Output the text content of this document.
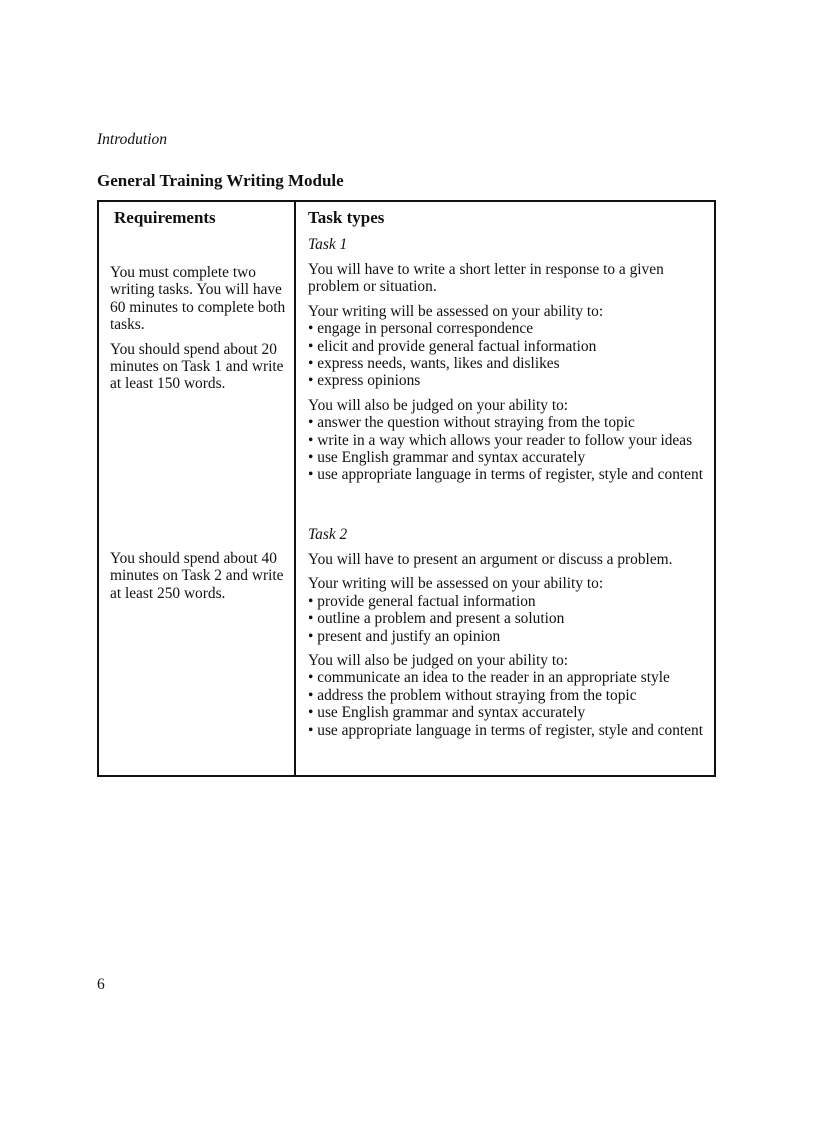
Introdution
General Training Writing Module
Requirements	Task types
Task 1

You must complete two writing tasks. You will have 60 minutes to complete both tasks.

You should spend about 20 minutes on Task 1 and write at least 150 words.

You will have to write a short letter in response to a given problem or situation.

Your writing will be assessed on your ability to:

• engage in personal correspondence
• elicit and provide general factual information
• express needs, wants, likes and dislikes
• express opinions

You will also be judged on your ability to:

• answer the question without straying from the topic
• write in a way which allows your reader to follow your ideas
• use English grammar and syntax accurately
• use appropriate language in terms of register, style and content
Task 2

You should spend about 40 minutes on Task 2 and write at least 250 words.

You will have to present an argument or discuss a problem.

Your writing will be assessed on your ability to:

• provide general factual information
• outline a problem and present a solution
• present and justify an opinion

You will also be judged on your ability to:

• communicate an idea to the reader in an appropriate style
• address the problem without straying from the topic
• use English grammar and syntax accurately
• use appropriate language in terms of register, style and content
6
